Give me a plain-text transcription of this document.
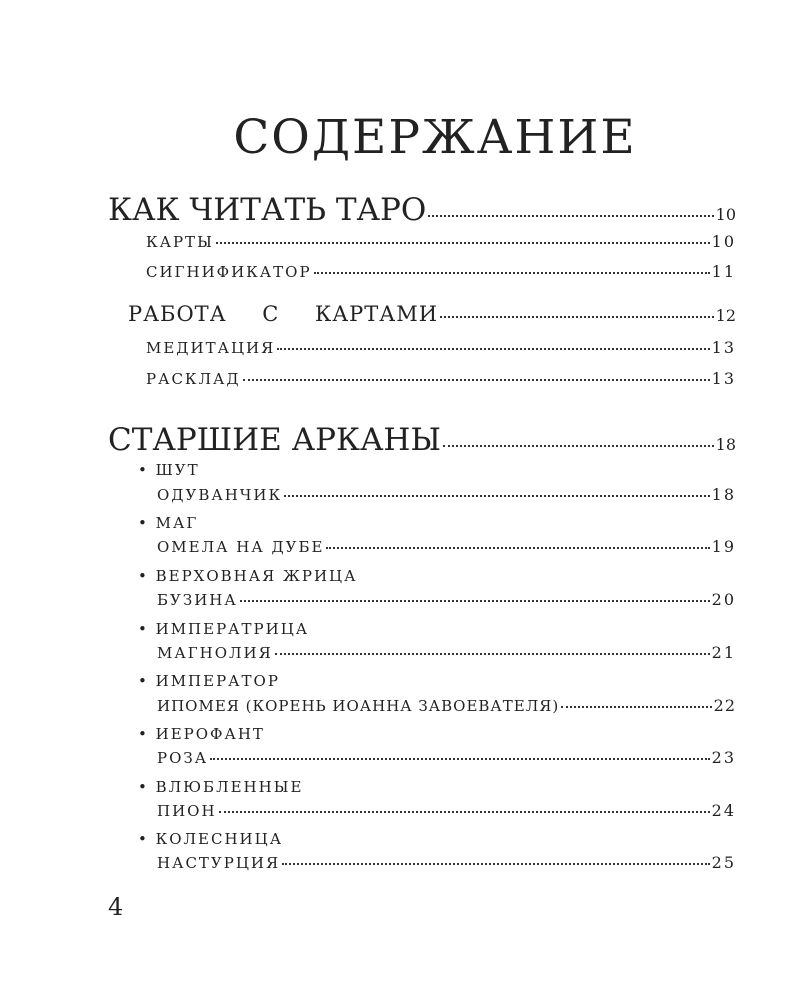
СОДЕРЖАНИЕ
КАК ЧИТАТЬ ТАРО	10
КАРТЫ	10
СИГНИФИКАТОР	11
РАБОТА С КАРТАМИ	12
МЕДИТАЦИЯ	13
РАСКЛАД	13
СТАРШИЕ АРКАНЫ	18
• ШУТ
ОДУВАНЧИК	18
• МАГ
ОМЕЛА НА ДУБЕ	19
• ВЕРХОВНАЯ ЖРИЦА
БУЗИНА	20
• ИМПЕРАТРИЦА
МАГНОЛИЯ	21
• ИМПЕРАТОР
ИПОМЕЯ (КОРЕНЬ ИОАННА ЗАВОЕВАТЕЛЯ)	22
• ИЕРОФАНТ
РОЗА	23
• ВЛЮБЛЕННЫЕ
ПИОН	24
• КОЛЕСНИЦА
НАСТУРЦИЯ	25
4
